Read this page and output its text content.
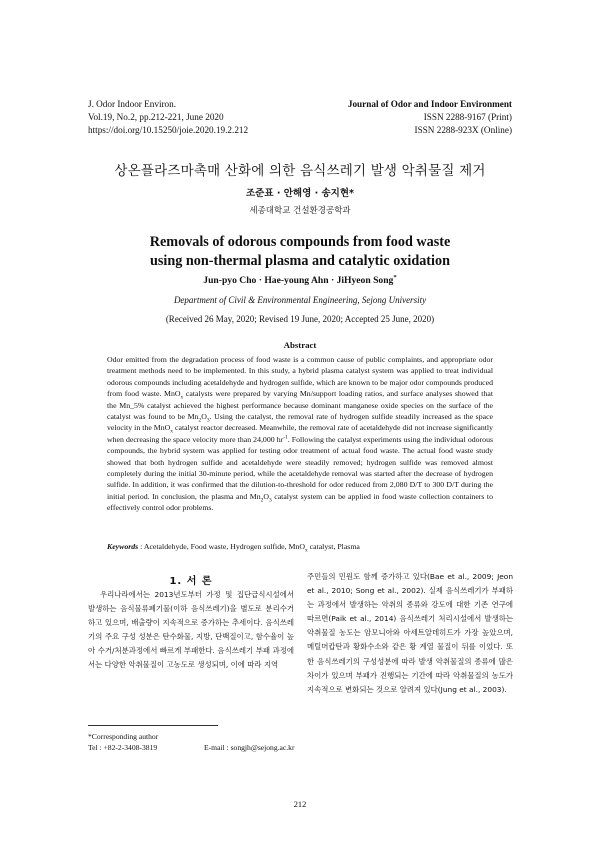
J. Odor Indoor Environ.
Vol.19, No.2, pp.212-221, June 2020
https://doi.org/10.15250/joie.2020.19.2.212
Journal of Odor and Indoor Environment
ISSN 2288-9167 (Print)
ISSN 2288-923X (Online)
상온플라즈마촉매 산화에 의한 음식쓰레기 발생 악취물질 제거
조준표 · 안해영 · 송지현*
세종대학교 건설환경공학과
Removals of odorous compounds from food waste
using non-thermal plasma and catalytic oxidation
Jun-pyo Cho · Hae-young Ahn · JiHyeon Song*
Department of Civil & Environmental Engineering, Sejong University
(Received 26 May, 2020; Revised 19 June, 2020; Accepted 25 June, 2020)
Abstract

Odor emitted from the degradation process of food waste is a common cause of public complaints, and appropriate odor treatment methods need to be implemented. In this study, a hybrid plasma catalyst system was applied to treat individual odorous compounds including acetaldehyde and hydrogen sulfide, which are known to be major odor compounds produced from food waste. MnO$_x$ catalysts were prepared by varying Mn/support loading ratios, and surface analyses showed that the Mn_5% catalyst achieved the highest performance because dominant manganese oxide species on the surface of the catalyst was found to be $Mn_2O_3$. Using the catalyst, the removal rate of hydrogen sulfide steadily increased as the space velocity in the MnO$_x$ catalyst reactor decreased. Meanwhile, the removal rate of acetaldehyde did not increase significantly when decreasing the space velocity more than 24,000 $hr^{-1}$. Following the catalyst experiments using the individual odorous compounds, the hybrid system was applied for testing odor treatment of actual food waste. The actual food waste study showed that both hydrogen sulfide and acetaldehyde were steadily removed; hydrogen sulfide was removed almost completely during the initial 30-minute period, while the acetaldehyde removal was started after the decrease of hydrogen sulfide. In addition, it was confirmed that the dilution-to-threshold for odor reduced from 2,080 D/T to 300 D/T during the initial period. In conclusion, the plasma and $Mn_2O_3$ catalyst system can be applied in food waste collection containers to effectively control odor problems.

Keywords : Acetaldehyde, Food waste, Hydrogen sulfide, MnO$_x$ catalyst, Plasma
1. 서 론
우리나라에서는 2013년도부터 가정 및 집단급식시설에서 발생하는 음식물류폐기물(이하 음식쓰레기)을 별도로 분리수거하고 있으며, 배출량이 지속적으로 증가하는 추세이다. 음식쓰레기의 주요 구성 성분은 탄수화물, 지방, 단백질이고, 함수율이 높아 수거/처분과정에서 빠르게 부패한다. 음식쓰레기 부패 과정에서는 다양한 악취물질이 고농도로 생성되며, 이에 따라 지역
주민들의 민원도 함께 증가하고 있다(Bae et al., 2009; Jeon et al., 2010; Song et al., 2002). 실제 음식쓰레기가 부패하는 과정에서 발생하는 악취의 종류와 강도에 대한 기존 연구에 따르면(Paik et al., 2014) 음식쓰레기 처리시설에서 발생하는 악취물질 농도는 암모니아와 아세트알데히드가 가장 높았으며, 메틸머캅탄과 황화수소와 같은 황 계열 물질이 뒤를 이었다. 또한 음식쓰레기의 구성성분에 따라 발생 악취물질의 종류에 많은 차이가 있으며 부패가 진행되는 기간에 따라 악취물질의 농도가 지속적으로 변화되는 것으로 알려져 있다(Jung et al., 2003).
*Corresponding author
Tel : +82-2-3408-3819	E-mail : songjh@sejong.ac.kr
212
